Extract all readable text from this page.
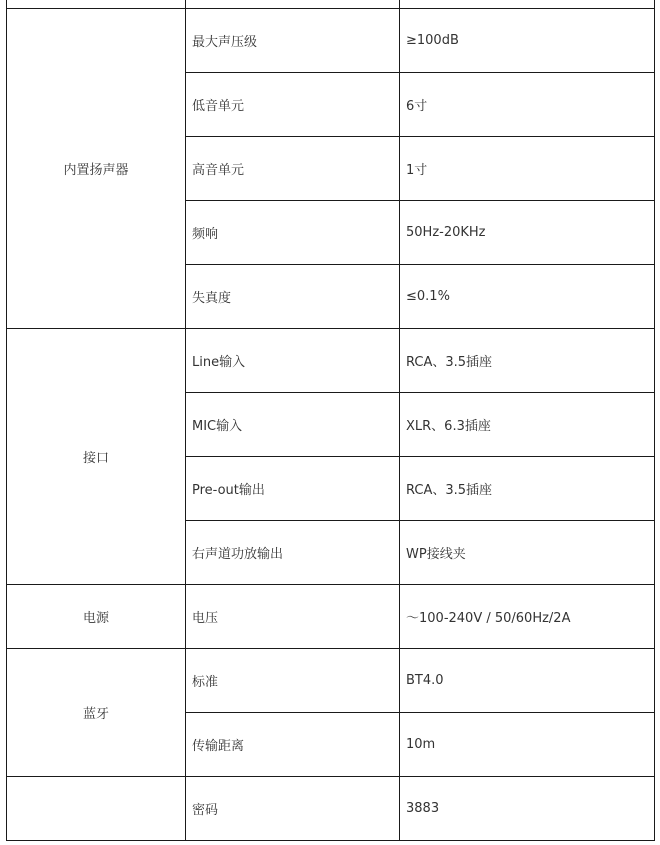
内置扬声器	最大声压级	≥100dB
	低音单元	6寸
	高音单元	1寸
	频响	50Hz-20KHz
	失真度	≤0.1%
接口	Line输入	RCA、3.5插座
	MIC输入	XLR、6.3插座
	Pre-out输出	RCA、3.5插座
	右声道功放输出	WP接线夹
电源	电压	～100-240V / 50/60Hz/2A
蓝牙	标准	BT4.0
	传输距离	10m
	密码	3883
